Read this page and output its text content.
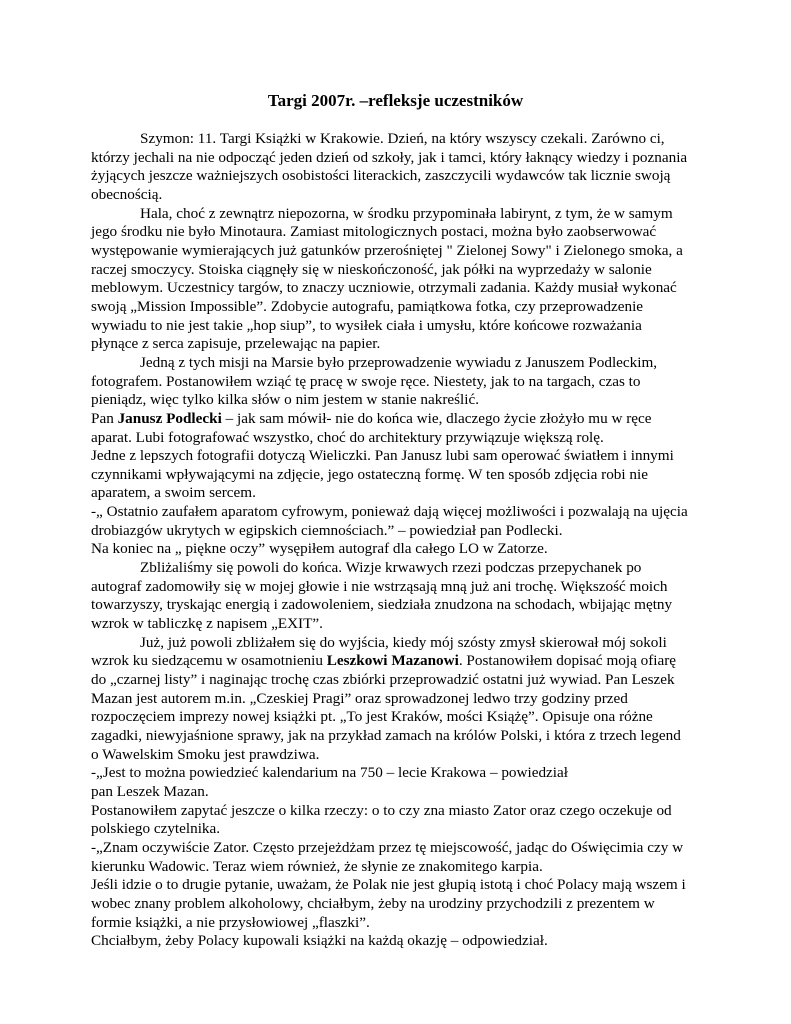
Targi 2007r. –refleksje uczestników

Szymon: 11. Targi Książki w Krakowie. Dzień, na który wszyscy czekali. Zarówno ci, którzy jechali na nie odpocząć jeden dzień od szkoły, jak i tamci, który łaknący wiedzy i poznania żyjących jeszcze ważniejszych osobistości literackich, zaszczycili wydawców tak licznie swoją obecnością.

Hala, choć z zewnątrz niepozorna, w środku przypominała labirynt, z tym, że w samym jego środku nie było Minotaura. Zamiast mitologicznych postaci, można było zaobserwować występowanie wymierających już gatunków przerośniętej " Zielonej Sowy" i Zielonego smoka, a raczej smoczycy. Stoiska ciągnęły się w nieskończoność, jak półki na wyprzedaży w salonie meblowym. Uczestnicy targów, to znaczy uczniowie, otrzymali zadania. Każdy musiał wykonać swoją „Mission Impossible”. Zdobycie autografu, pamiątkowa fotka, czy przeprowadzenie wywiadu to nie jest takie „hop siup”, to wysiłek ciała i umysłu, które końcowe rozważania płynące z serca zapisuje, przelewając na papier.

Jedną z tych misji na Marsie było przeprowadzenie wywiadu z Januszem Podleckim, fotografem. Postanowiłem wziąć tę pracę w swoje ręce. Niestety, jak to na targach, czas to pieniądz, więc tylko kilka słów o nim jestem w stanie nakreślić.

Pan Janusz Podlecki – jak sam mówił- nie do końca wie, dlaczego życie złożyło mu w ręce aparat. Lubi fotografować wszystko, choć do architektury przywiązuje większą rolę.

Jedne z lepszych fotografii dotyczą Wieliczki. Pan Janusz lubi sam operować światłem i innymi czynnikami wpływającymi na zdjęcie, jego ostateczną formę. W ten sposób zdjęcia robi nie aparatem, a swoim sercem.

-„ Ostatnio zaufałem aparatom cyfrowym, ponieważ dają więcej możliwości i pozwalają na ujęcia drobiazgów ukrytych w egipskich ciemnościach.” – powiedział pan Podlecki.

Na koniec na „ piękne oczy” wysępiłem autograf dla całego LO w Zatorze.

Zbliżaliśmy się powoli do końca. Wizje krwawych rzezi podczas przepychanek po autograf zadomowiły się w mojej głowie i nie wstrząsają mną już ani trochę. Większość moich towarzyszy, tryskając energią i zadowoleniem, siedziała znudzona na schodach, wbijając mętny wzrok w tabliczkę z napisem „EXIT”.

Już, już powoli zbliżałem się do wyjścia, kiedy mój szósty zmysł skierował mój sokoli wzrok ku siedzącemu w osamotnieniu Leszkowi Mazanowi. Postanowiłem dopisać moją ofiarę do „czarnej listy” i naginając trochę czas zbiórki przeprowadzić ostatni już wywiad. Pan Leszek Mazan jest autorem m.in. „Czeskiej Pragi” oraz sprowadzonej ledwo trzy godziny przed rozpoczęciem imprezy nowej książki pt. „To jest Kraków, mości Książę”. Opisuje ona różne zagadki, niewyjaśnione sprawy, jak na przykład zamach na królów Polski, i która z trzech legend o Wawelskim Smoku jest prawdziwa.

-„Jest to można powiedzieć kalendarium na 750 – lecie Krakowa – powiedział

pan Leszek Mazan.

Postanowiłem zapytać jeszcze o kilka rzeczy: o to czy zna miasto Zator oraz czego oczekuje od polskiego czytelnika.

-„Znam oczywiście Zator. Często przejeżdżam przez tę miejscowość, jadąc do Oświęcimia czy w kierunku Wadowic. Teraz wiem również, że słynie ze znakomitego karpia.

Jeśli idzie o to drugie pytanie, uważam, że Polak nie jest głupią istotą i choć Polacy mają wszem i wobec znany problem alkoholowy, chciałbym, żeby na urodziny przychodzili z prezentem w formie książki, a nie przysłowiowej „flaszki”.

Chciałbym, żeby Polacy kupowali książki na każdą okazję – odpowiedział.
